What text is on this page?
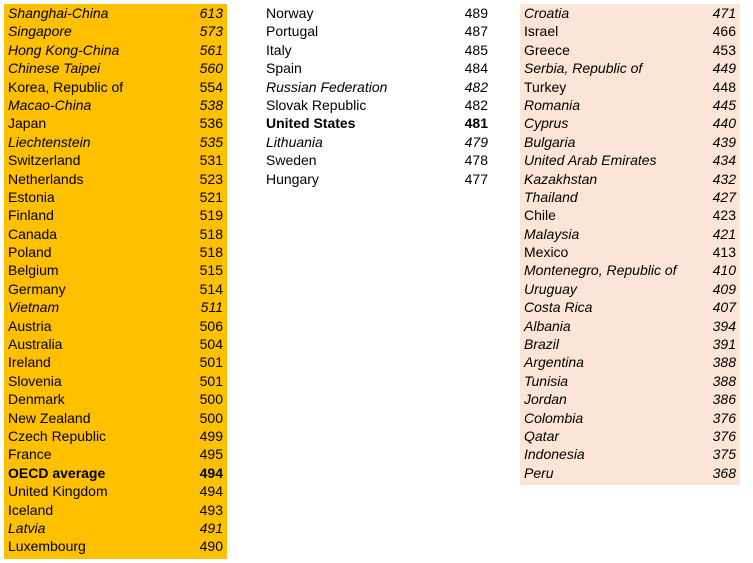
Shanghai-China	613
Singapore	573
Hong Kong-China	561
Chinese Taipei	560
Korea, Republic of	554
Macao-China	538
Japan	536
Liechtenstein	535
Switzerland	531
Netherlands	523
Estonia	521
Finland	519
Canada	518
Poland	518
Belgium	515
Germany	514
Vietnam	511
Austria	506
Australia	504
Ireland	501
Slovenia	501
Denmark	500
New Zealand	500
Czech Republic	499
France	495
OECD average	494
United Kingdom	494
Iceland	493
Latvia	491
Luxembourg	490
Norway	489
Portugal	487
Italy	485
Spain	484
Russian Federation	482
Slovak Republic	482
United States	481
Lithuania	479
Sweden	478
Hungary	477
Croatia	471
Israel	466
Greece	453
Serbia, Republic of	449
Turkey	448
Romania	445
Cyprus	440
Bulgaria	439
United Arab Emirates	434
Kazakhstan	432
Thailand	427
Chile	423
Malaysia	421
Mexico	413
Montenegro, Republic of	410
Uruguay	409
Costa Rica	407
Albania	394
Brazil	391
Argentina	388
Tunisia	388
Jordan	386
Colombia	376
Qatar	376
Indonesia	375
Peru	368
